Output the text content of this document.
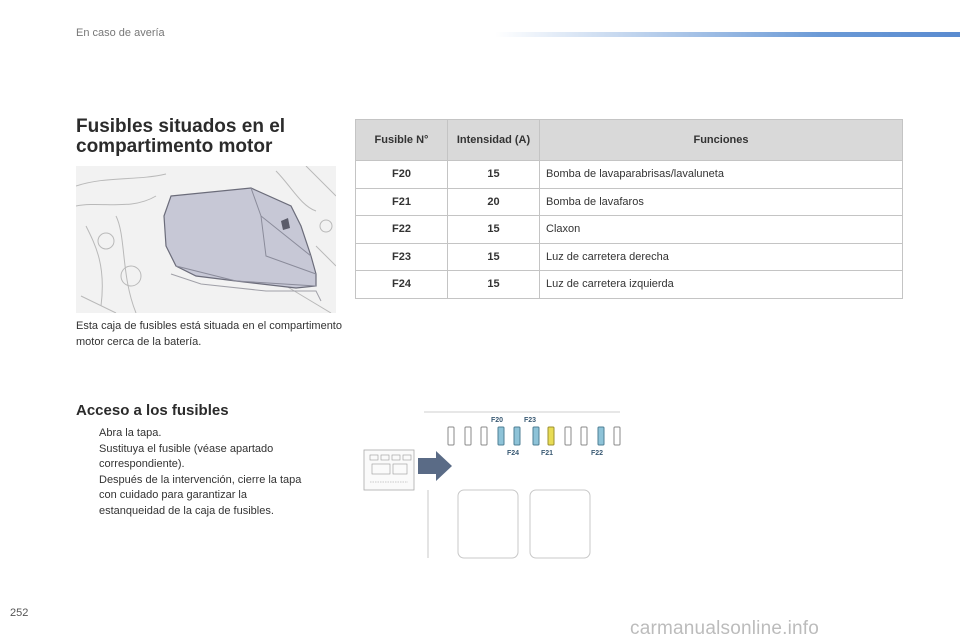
En caso de avería
Fusibles situados en el compartimento motor
Esta caja de fusibles está situada en el compartimento motor cerca de la batería.
Acceso a los fusibles
Abra la tapa.
Sustituya el fusible (véase apartado correspondiente).
Después de la intervención, cierre la tapa con cuidado para garantizar la estanqueidad de la caja de fusibles.
Fusible N°	Intensidad (A)	Funciones
F20	15	Bomba de lavaparabrisas/lavaluneta
F21	20	Bomba de lavafaros
F22	15	Claxon
F23	15	Luz de carretera derecha
F24	15	Luz de carretera izquierda
F20	F23
F24	F21	F22
252
carmanualsonline.info
